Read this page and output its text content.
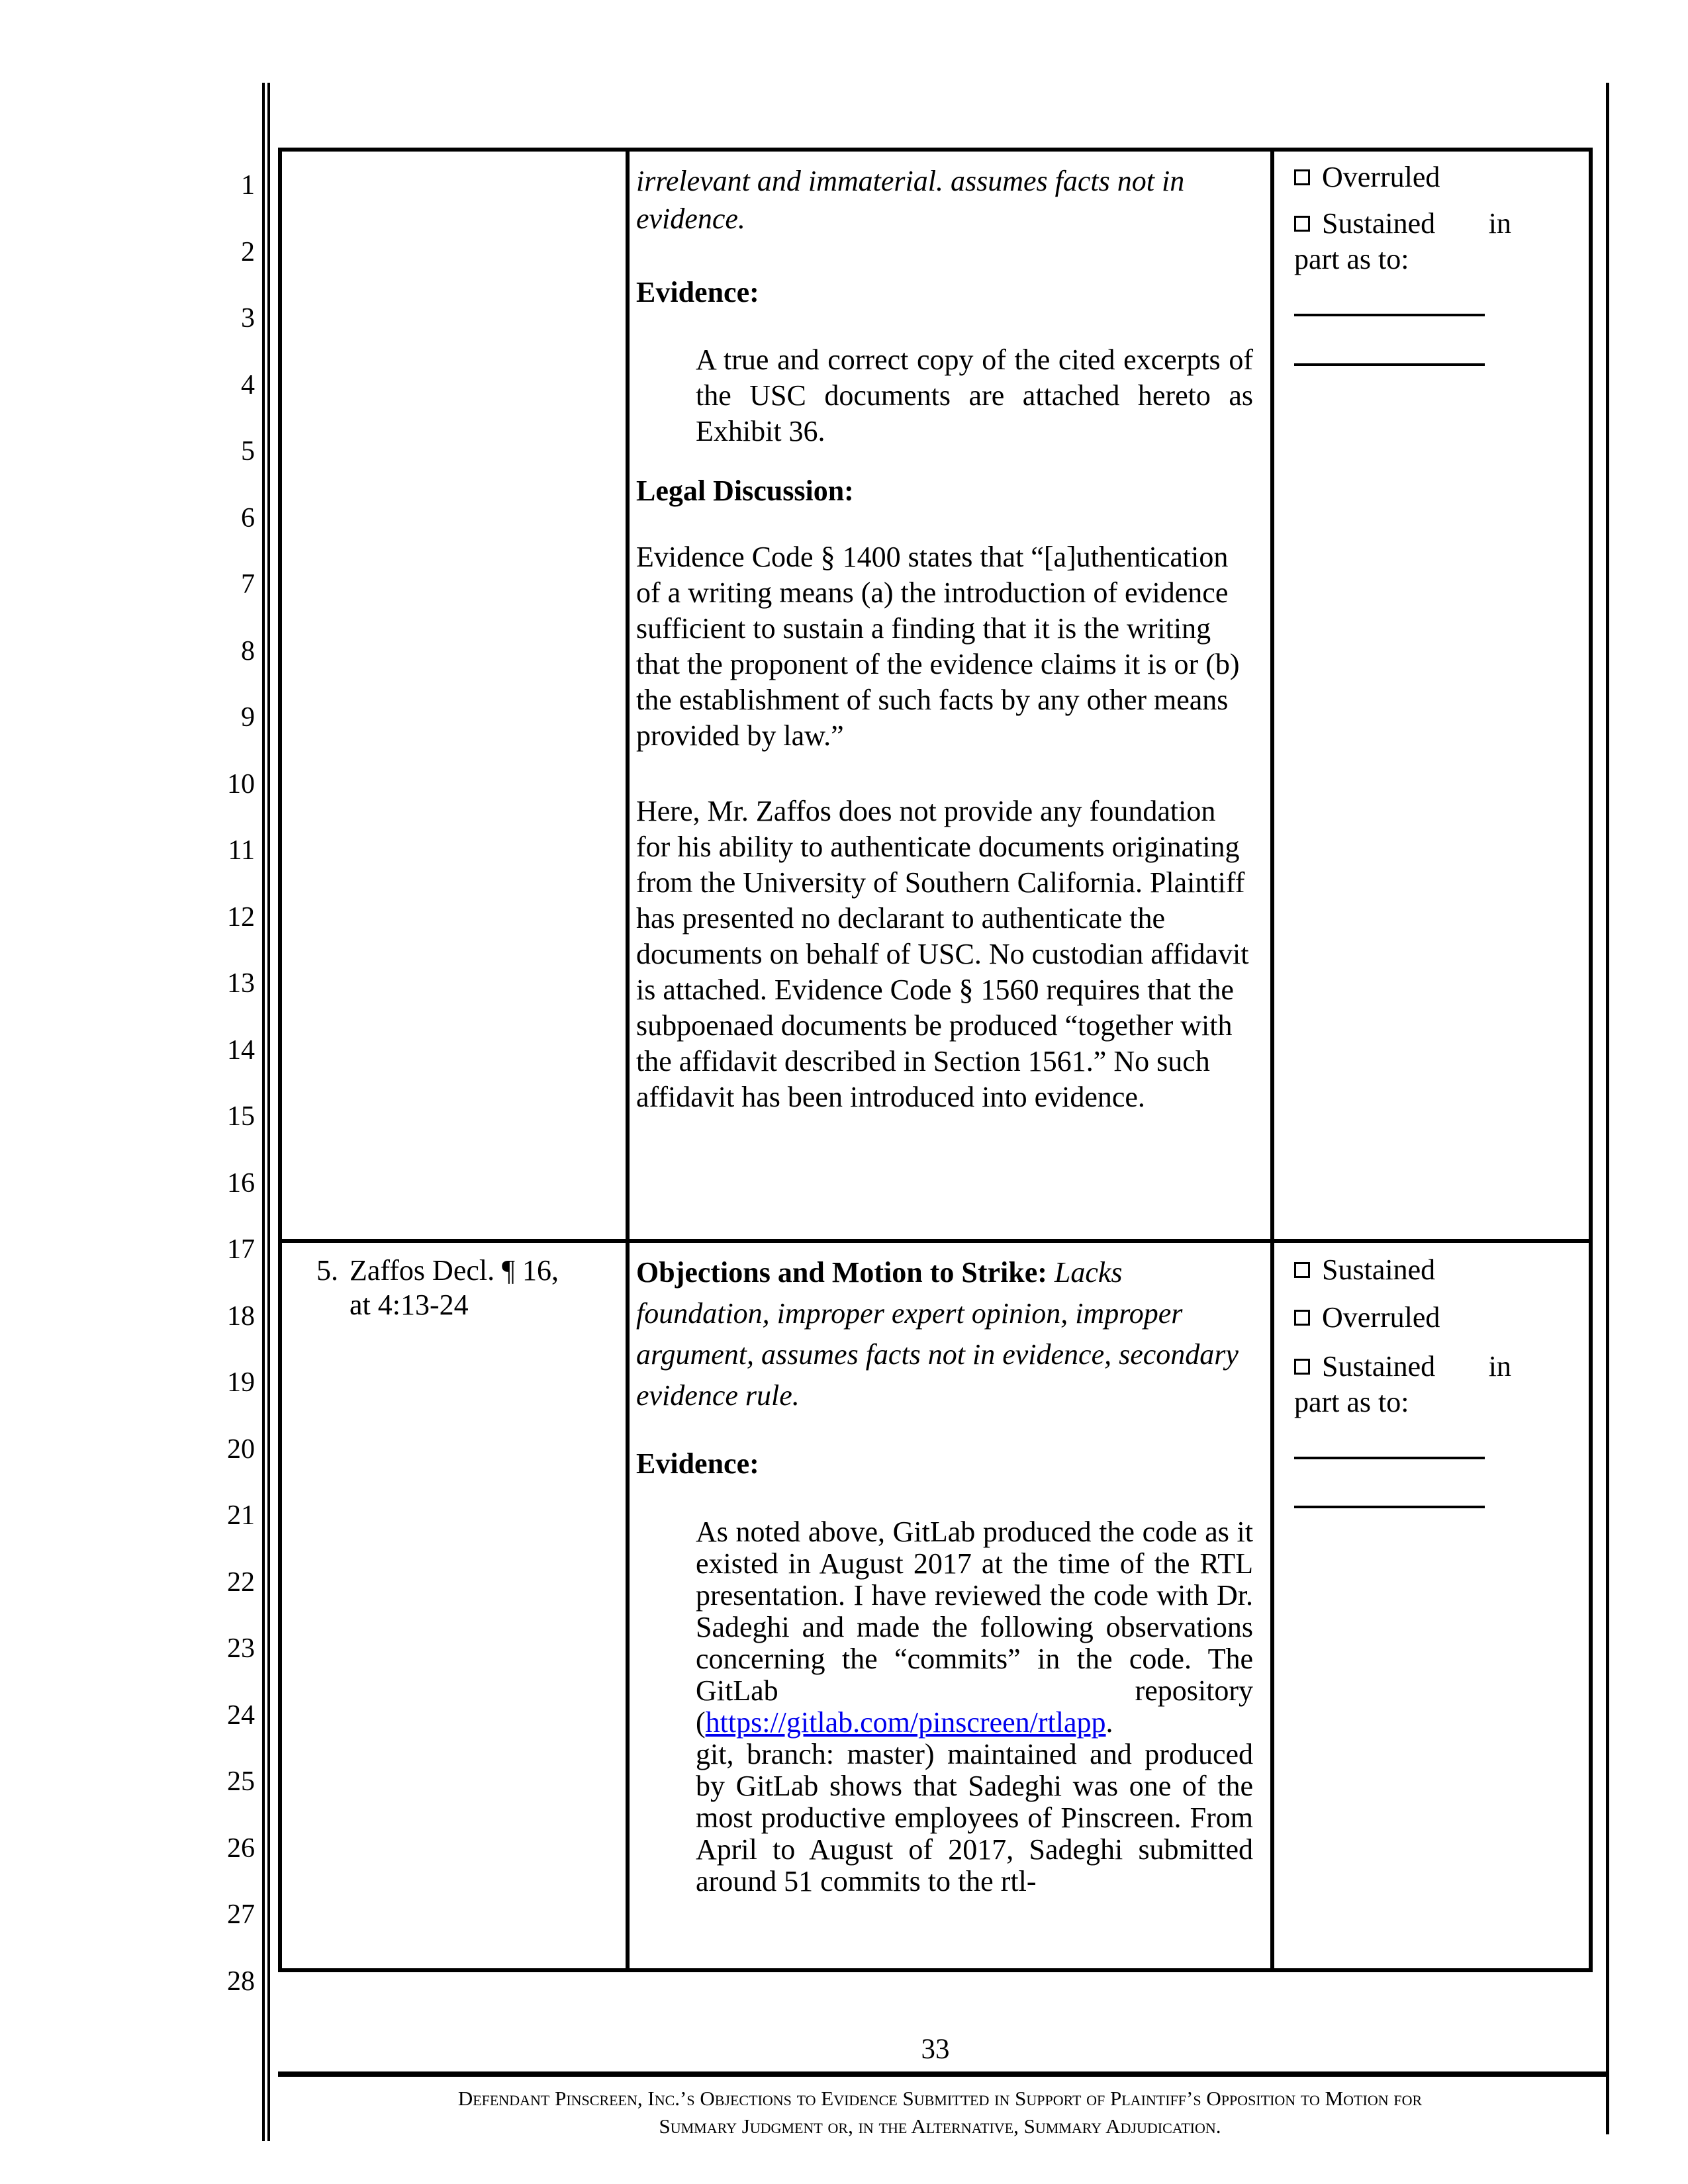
1
2
3
4
5
6
7
8
9
10
11
12
13
14
15
16
17
18
19
20
21
22
23
24
25
26
27
28
irrelevant and immaterial. assumes facts not in evidence.
Evidence:
A true and correct copy of the cited excerpts of the USC documents are attached hereto as Exhibit 36.
Legal Discussion:
Evidence Code § 1400 states that “[a]uthentication of a writing means (a) the introduction of evidence sufficient to sustain a finding that it is the writing that the proponent of the evidence claims it is or (b) the establishment of such facts by any other means provided by law.”
Here, Mr. Zaffos does not provide any foundation for his ability to authenticate documents originating from the University of Southern California. Plaintiff has presented no declarant to authenticate the documents on behalf of USC. No custodian affidavit is attached. Evidence Code § 1560 requires that the subpoenaed documents be produced “together with the affidavit described in Section 1561.” No such affidavit has been introduced into evidence.
Overruled
Sustained in
part as to:
5. Zaffos Decl. ¶ 16, at 4:13-24
Objections and Motion to Strike: Lacks foundation, improper expert opinion, improper argument, assumes facts not in evidence, secondary evidence rule.
Evidence:
As noted above, GitLab produced the code as it existed in August 2017 at the time of the RTL presentation. I have reviewed the code with Dr. Sadeghi and made the following observations concerning the “commits” in the code. The GitLab repository (https://gitlab.com/pinscreen/rtlapp. git, branch: master) maintained and produced by GitLab shows that Sadeghi was one of the most productive employees of Pinscreen. From April to August of 2017, Sadeghi submitted around 51 commits to the rtl-
Sustained
Overruled
Sustained in
part as to:
33
Defendant Pinscreen, Inc.’s Objections to Evidence Submitted in Support of Plaintiff’s Opposition to Motion for
Summary Judgment or, in the Alternative, Summary Adjudication.
